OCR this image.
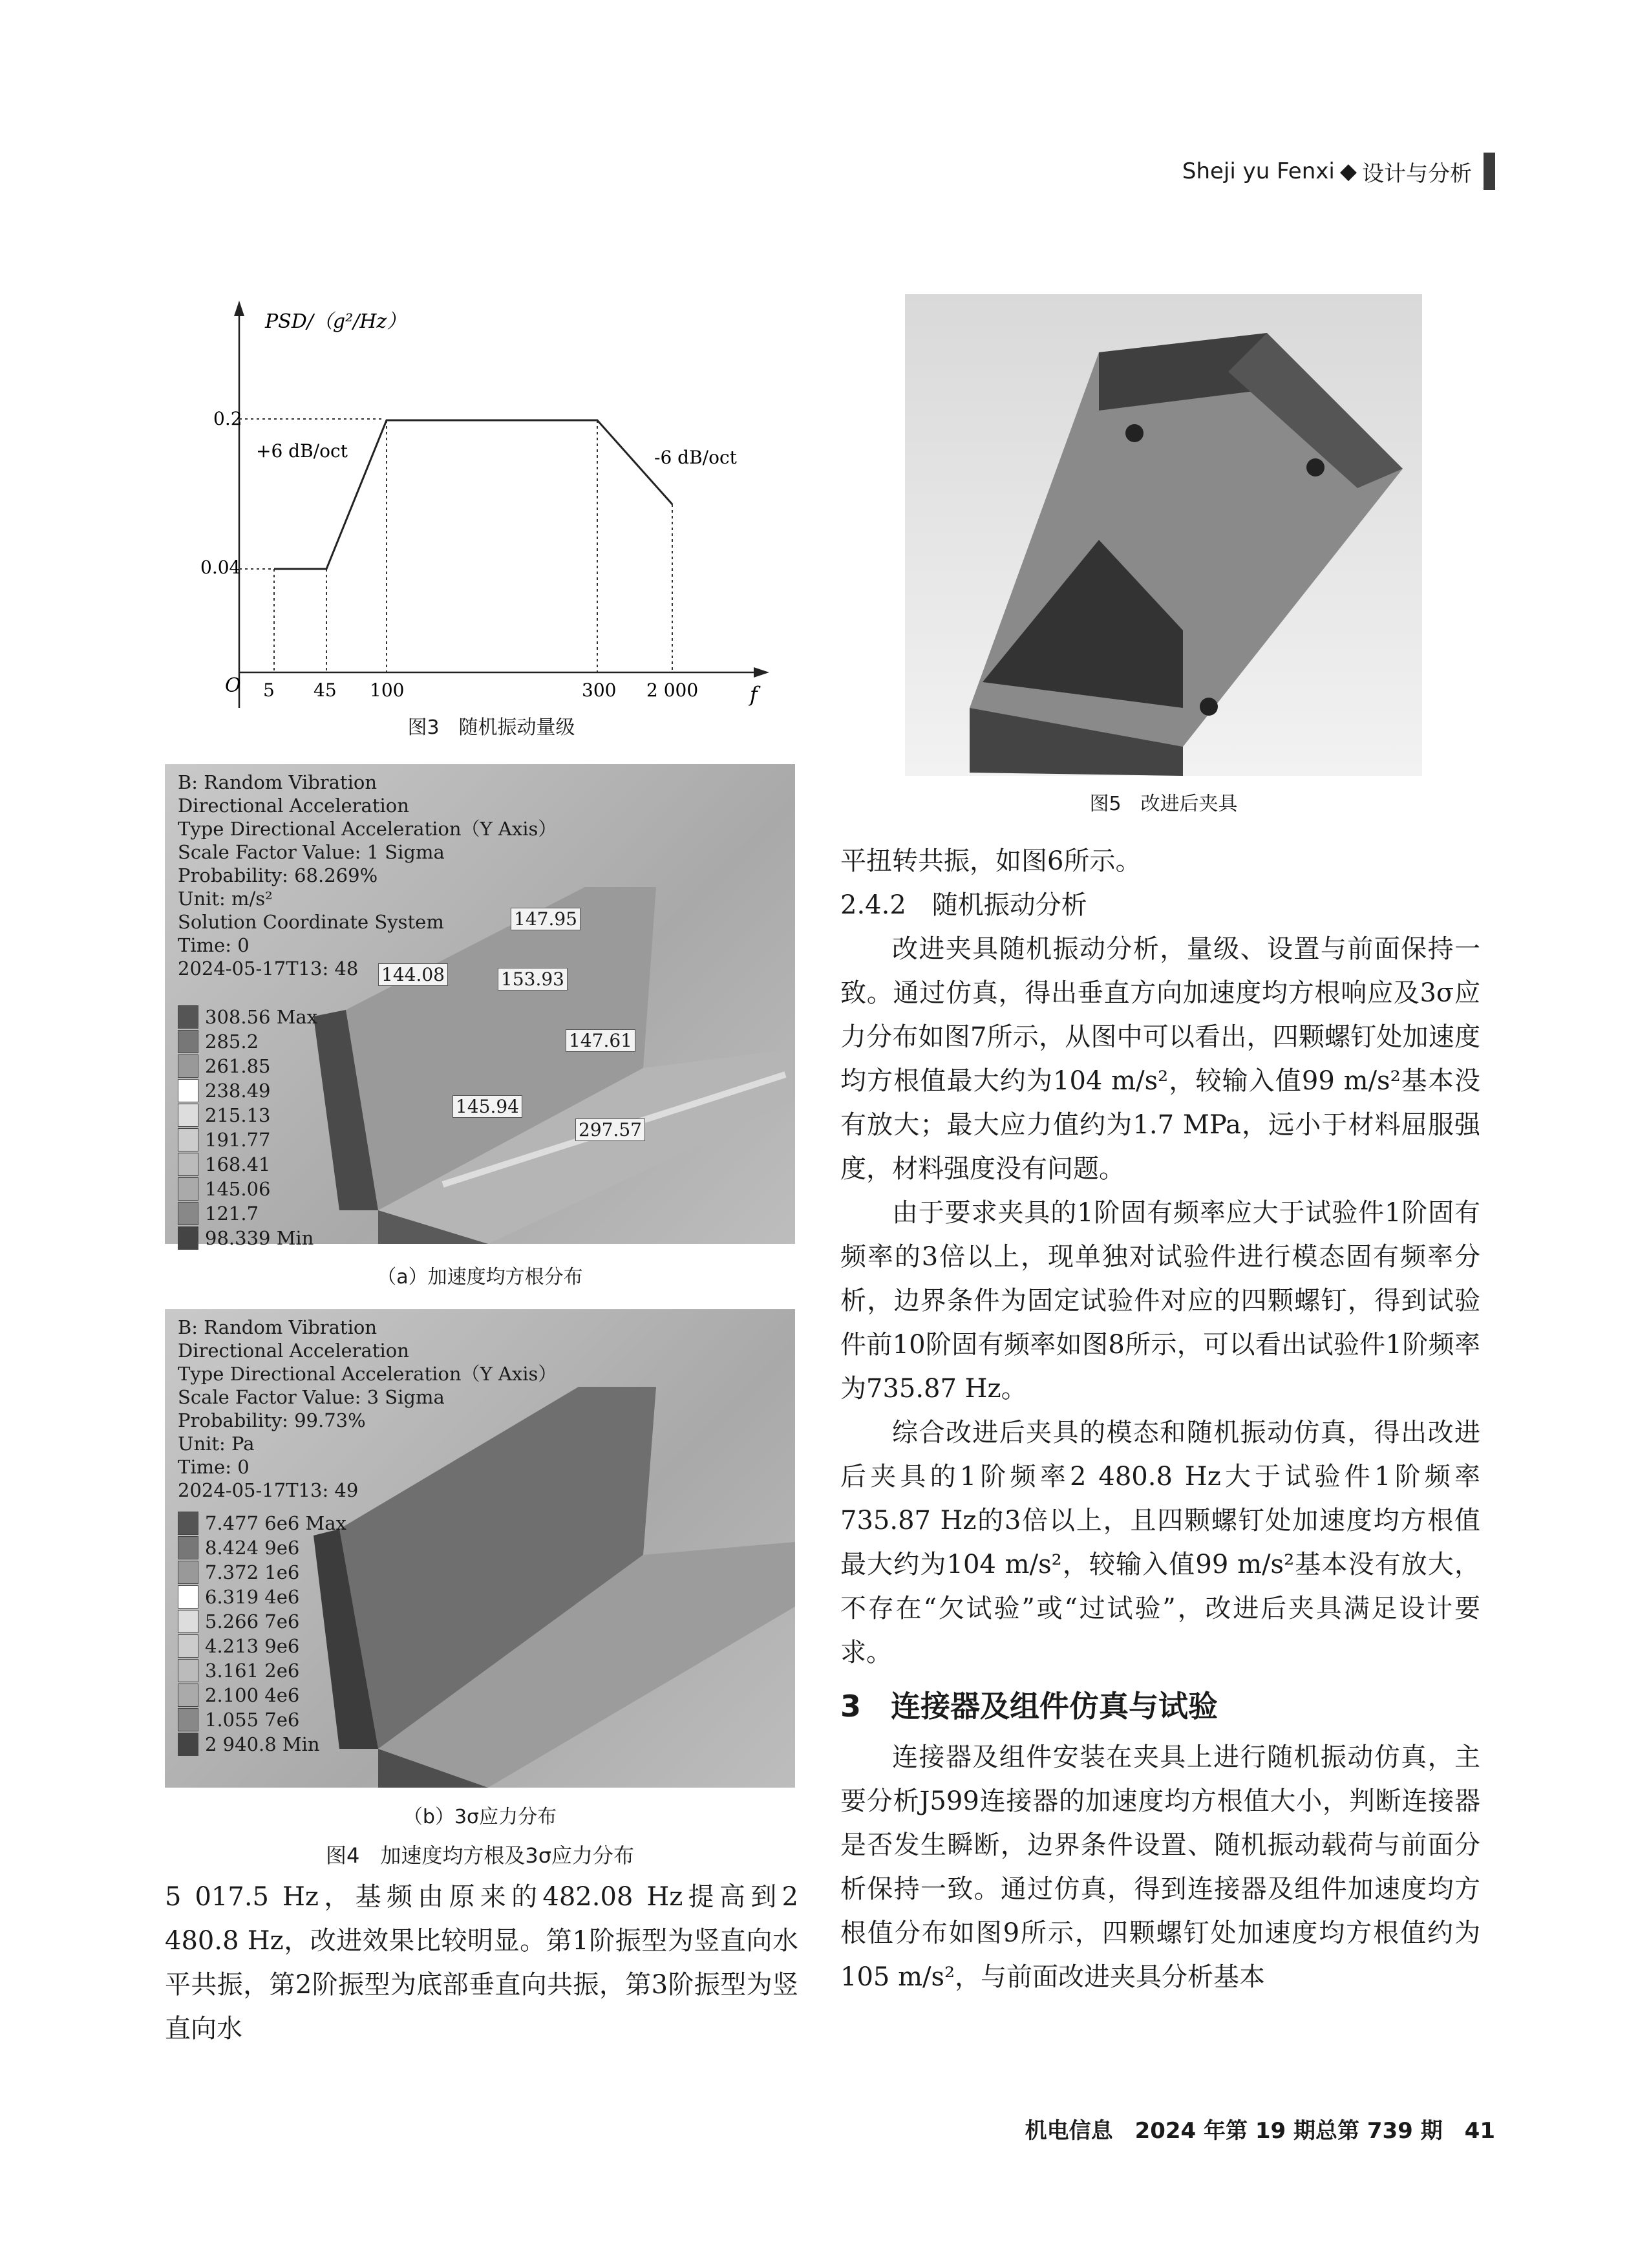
Sheji yu Fenxi ◆ 设计与分析
PSD/（g²/Hz）
f
O
0.2
0.04
5 45 100	300 2 000
+6 dB/oct	-6 dB/oct
图3　随机振动量级
B: Random Vibration
Directional Acceleration
Type Directional Acceleration（Y Axis）
Scale Factor Value: 1 Sigma
Probability: 68.269%
Unit: m/s²
Solution Coordinate System
Time: 0
2024-05-17T13: 48
308.56 Max
285.2
261.85
238.49
215.13
191.77
168.41
145.06
121.7
98.339 Min
147.95
144.08	153.93
147.61
145.94
297.57
（a）加速度均方根分布
B: Random Vibration
Directional Acceleration
Type Directional Acceleration（Y Axis）
Scale Factor Value: 3 Sigma
Probability: 99.73%
Unit: Pa
Time: 0
2024-05-17T13: 49
7.477 6e6 Max
8.424 9e6
7.372 1e6
6.319 4e6
5.266 7e6
4.213 9e6
3.161 2e6
2.100 4e6
1.055 7e6
2 940.8 Min
（b）3σ应力分布
图4　加速度均方根及3σ应力分布
5 017.5 Hz，基频由原来的482.08 Hz提高到2 480.8 Hz，改进效果比较明显。第1阶振型为竖直向水平共振，第2阶振型为底部垂直向共振，第3阶振型为竖直向水
图5　改进后夹具
平扭转共振，如图6所示。
2.4.2　随机振动分析
改进夹具随机振动分析，量级、设置与前面保持一致。通过仿真，得出垂直方向加速度均方根响应及3σ应力分布如图7所示，从图中可以看出，四颗螺钉处加速度均方根值最大约为104 m/s²，较输入值99 m/s²基本没有放大；最大应力值约为1.7 MPa，远小于材料屈服强度，材料强度没有问题。
由于要求夹具的1阶固有频率应大于试验件1阶固有频率的3倍以上，现单独对试验件进行模态固有频率分析，边界条件为固定试验件对应的四颗螺钉，得到试验件前10阶固有频率如图8所示，可以看出试验件1阶频率为735.87 Hz。
综合改进后夹具的模态和随机振动仿真，得出改进后夹具的1阶频率2 480.8 Hz大于试验件1阶频率735.87 Hz的3倍以上，且四颗螺钉处加速度均方根值最大约为104 m/s²，较输入值99 m/s²基本没有放大，不存在“欠试验”或“过试验”，改进后夹具满足设计要求。
3　连接器及组件仿真与试验
连接器及组件安装在夹具上进行随机振动仿真，主要分析J599连接器的加速度均方根值大小，判断连接器是否发生瞬断，边界条件设置、随机振动载荷与前面分析保持一致。通过仿真，得到连接器及组件加速度均方根值分布如图9所示，四颗螺钉处加速度均方根值约为105 m/s²，与前面改进夹具分析基本
机电信息　2024 年第 19 期总第 739 期　41
